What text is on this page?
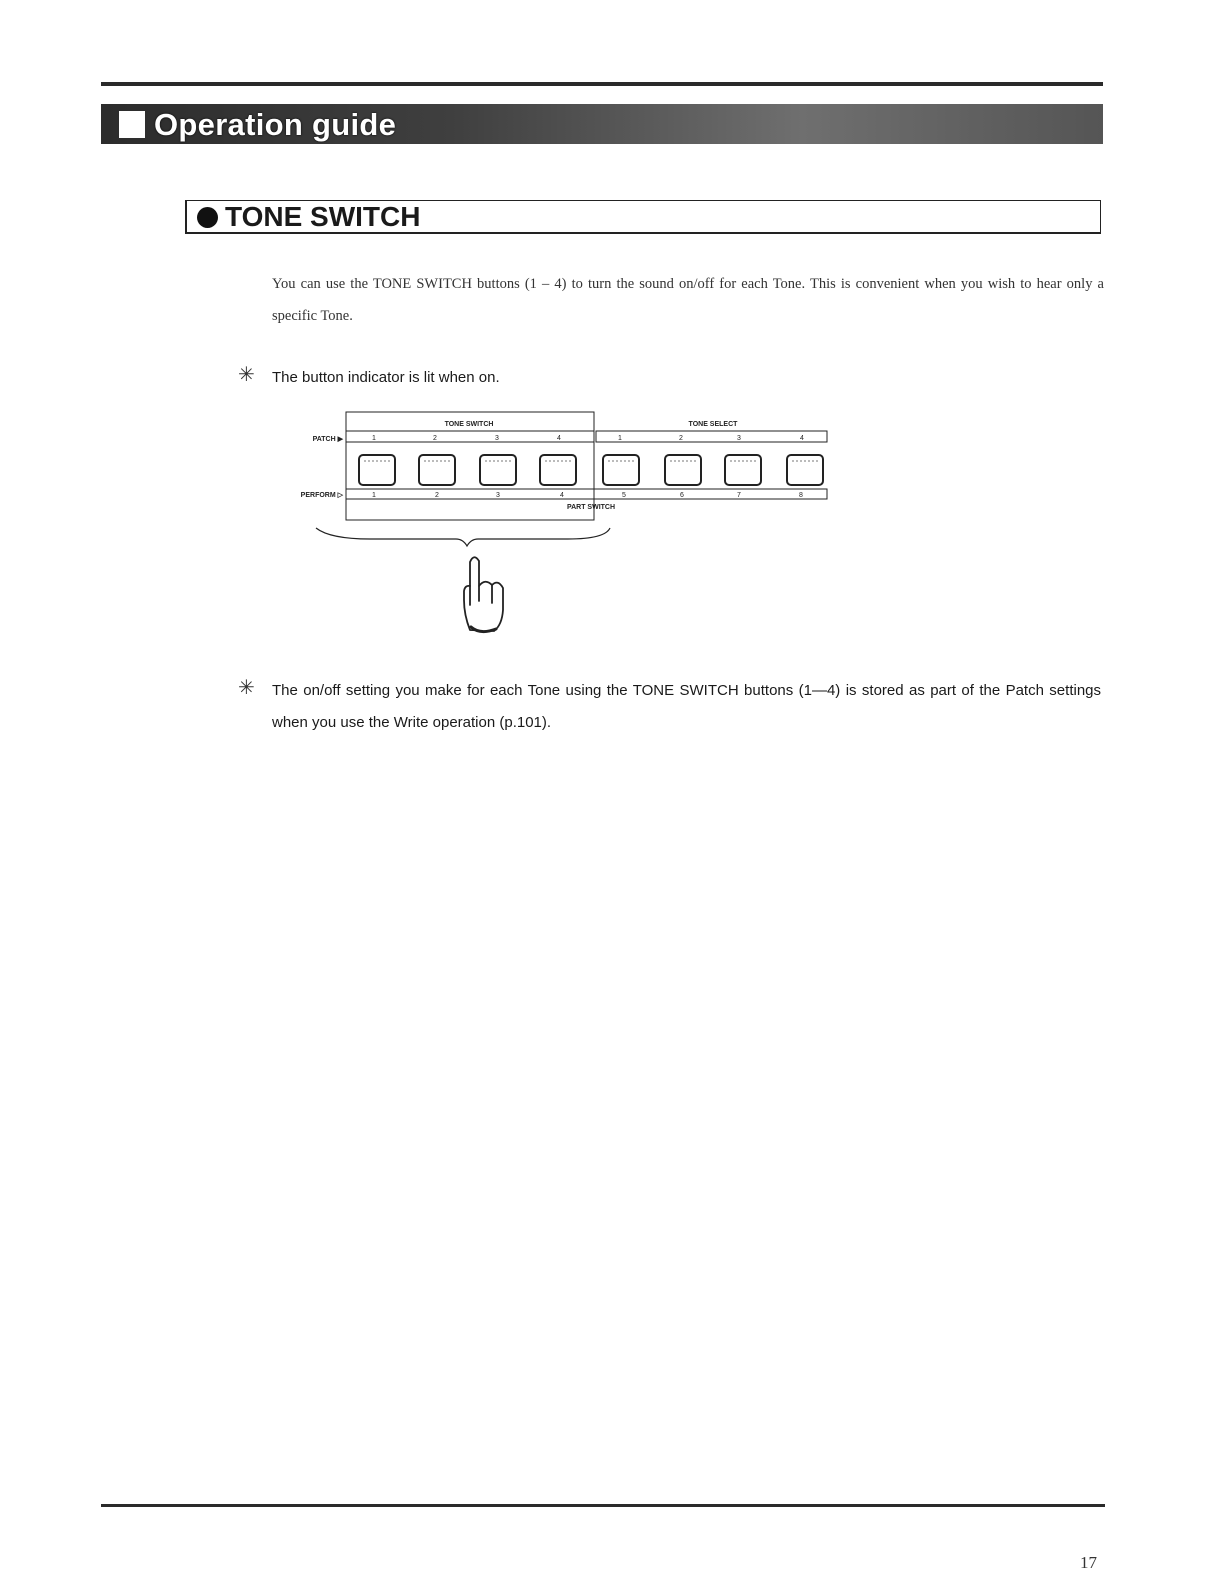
Operation guide
TONE SWITCH
You can use the TONE SWITCH buttons (1 – 4) to turn the sound on/off for each Tone. This is convenient when you wish to hear only a specific Tone.
✳ The button indicator is lit when on.
TONE SWITCH	TONE SELECT
PATCH ▶	1	2	3	4	1	2	3	4
PERFORM ▷	1	2	3	4	5	6	7	8
PART SWITCH
✳ The on/off setting you make for each Tone using the TONE SWITCH buttons (1—4) is stored as part of the Patch settings when you use the Write operation (p.101).
17
